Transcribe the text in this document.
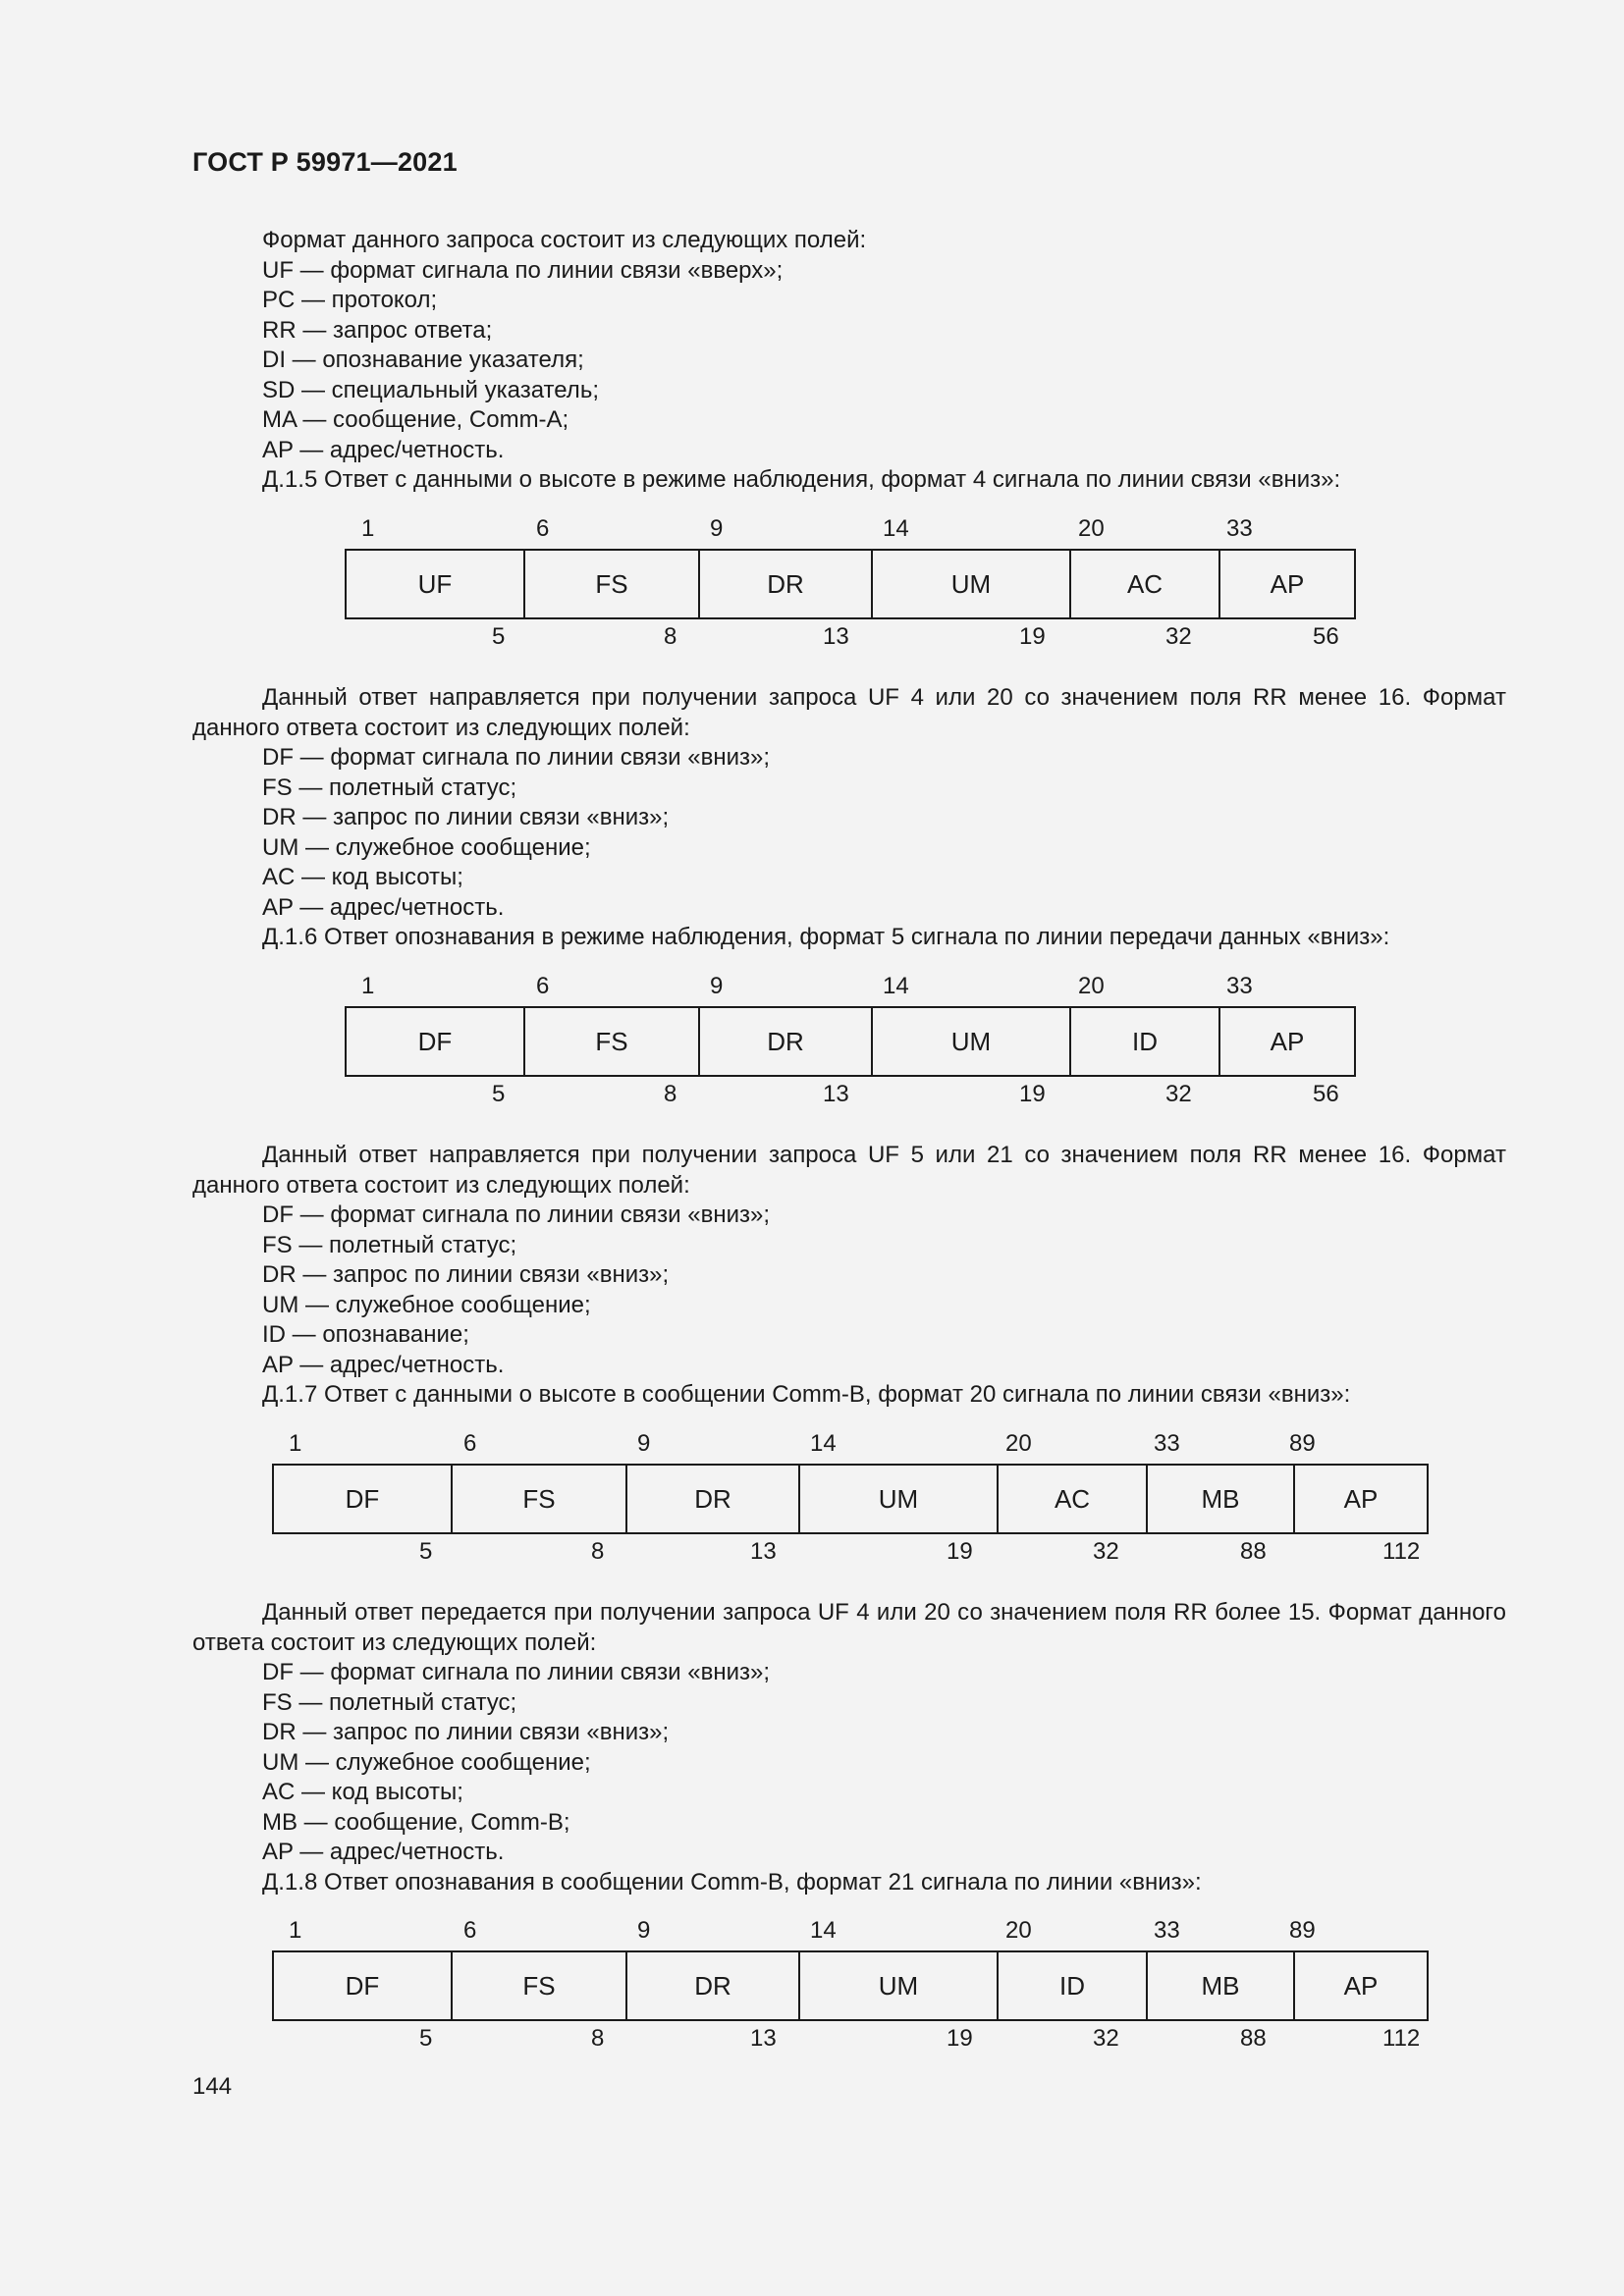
ГОСТ Р 59971—2021
Формат данного запроса состоит из следующих полей:
UF — формат сигнала по линии связи «вверх»;
PC — протокол;
RR — запрос ответа;
DI — опознавание указателя;
SD — специальный указатель;
MA — сообщение, Comm-A;
AP — адрес/четность.
Д.1.5 Ответ с данными о высоте в режиме наблюдения, формат 4 сигнала по линии связи «вниз»:
1	6	9	14	20	33
UF	FS	DR	UM	AC	AP
5	8	13	19	32	56
Данный ответ направляется при получении запроса UF 4 или 20 со значением поля RR менее 16. Формат данного ответа состоит из следующих полей:
DF — формат сигнала по линии связи «вниз»;
FS — полетный статус;
DR — запрос по линии связи «вниз»;
UM — служебное сообщение;
AC — код высоты;
AP — адрес/четность.
Д.1.6 Ответ опознавания в режиме наблюдения, формат 5 сигнала по линии передачи данных «вниз»:
1	6	9	14	20	33
DF	FS	DR	UM	ID	AP
5	8	13	19	32	56
Данный ответ направляется при получении запроса UF 5 или 21 со значением поля RR менее 16. Формат данного ответа состоит из следующих полей:
DF — формат сигнала по линии связи «вниз»;
FS — полетный статус;
DR — запрос по линии связи «вниз»;
UM — служебное сообщение;
ID — опознавание;
AP — адрес/четность.
Д.1.7 Ответ с данными о высоте в сообщении Comm-B, формат 20 сигнала по линии связи «вниз»:
1	6	9	14	20	33	89
DF	FS	DR	UM	AC	MB	AP
5	8	13	19	32	88	112
Данный ответ передается при получении запроса UF 4 или 20 со значением поля RR более 15. Формат данного ответа состоит из следующих полей:
DF — формат сигнала по линии связи «вниз»;
FS — полетный статус;
DR — запрос по линии связи «вниз»;
UM — служебное сообщение;
AC — код высоты;
MB — сообщение, Comm-B;
AP — адрес/четность.
Д.1.8 Ответ опознавания в сообщении Comm-B, формат 21 сигнала по линии «вниз»:
1	6	9	14	20	33	89
DF	FS	DR	UM	ID	MB	AP
5	8	13	19	32	88	112
144
